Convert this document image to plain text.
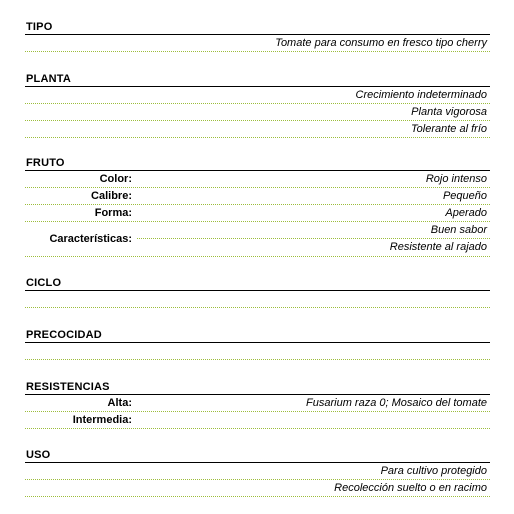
TIPO
Tomate para consumo en fresco tipo cherry
PLANTA
Crecimiento indeterminado
Planta vigorosa
Tolerante al frío
FRUTO
Color:	Rojo intenso
Calibre:	Pequeño
Forma:	Aperado
Características:
Buen sabor
Resistente al rajado
CICLO
PRECOCIDAD
RESISTENCIAS
Alta:	Fusarium raza 0; Mosaico del tomate
Intermedia:
USO
Para cultivo protegido
Recolección suelto o en racimo
